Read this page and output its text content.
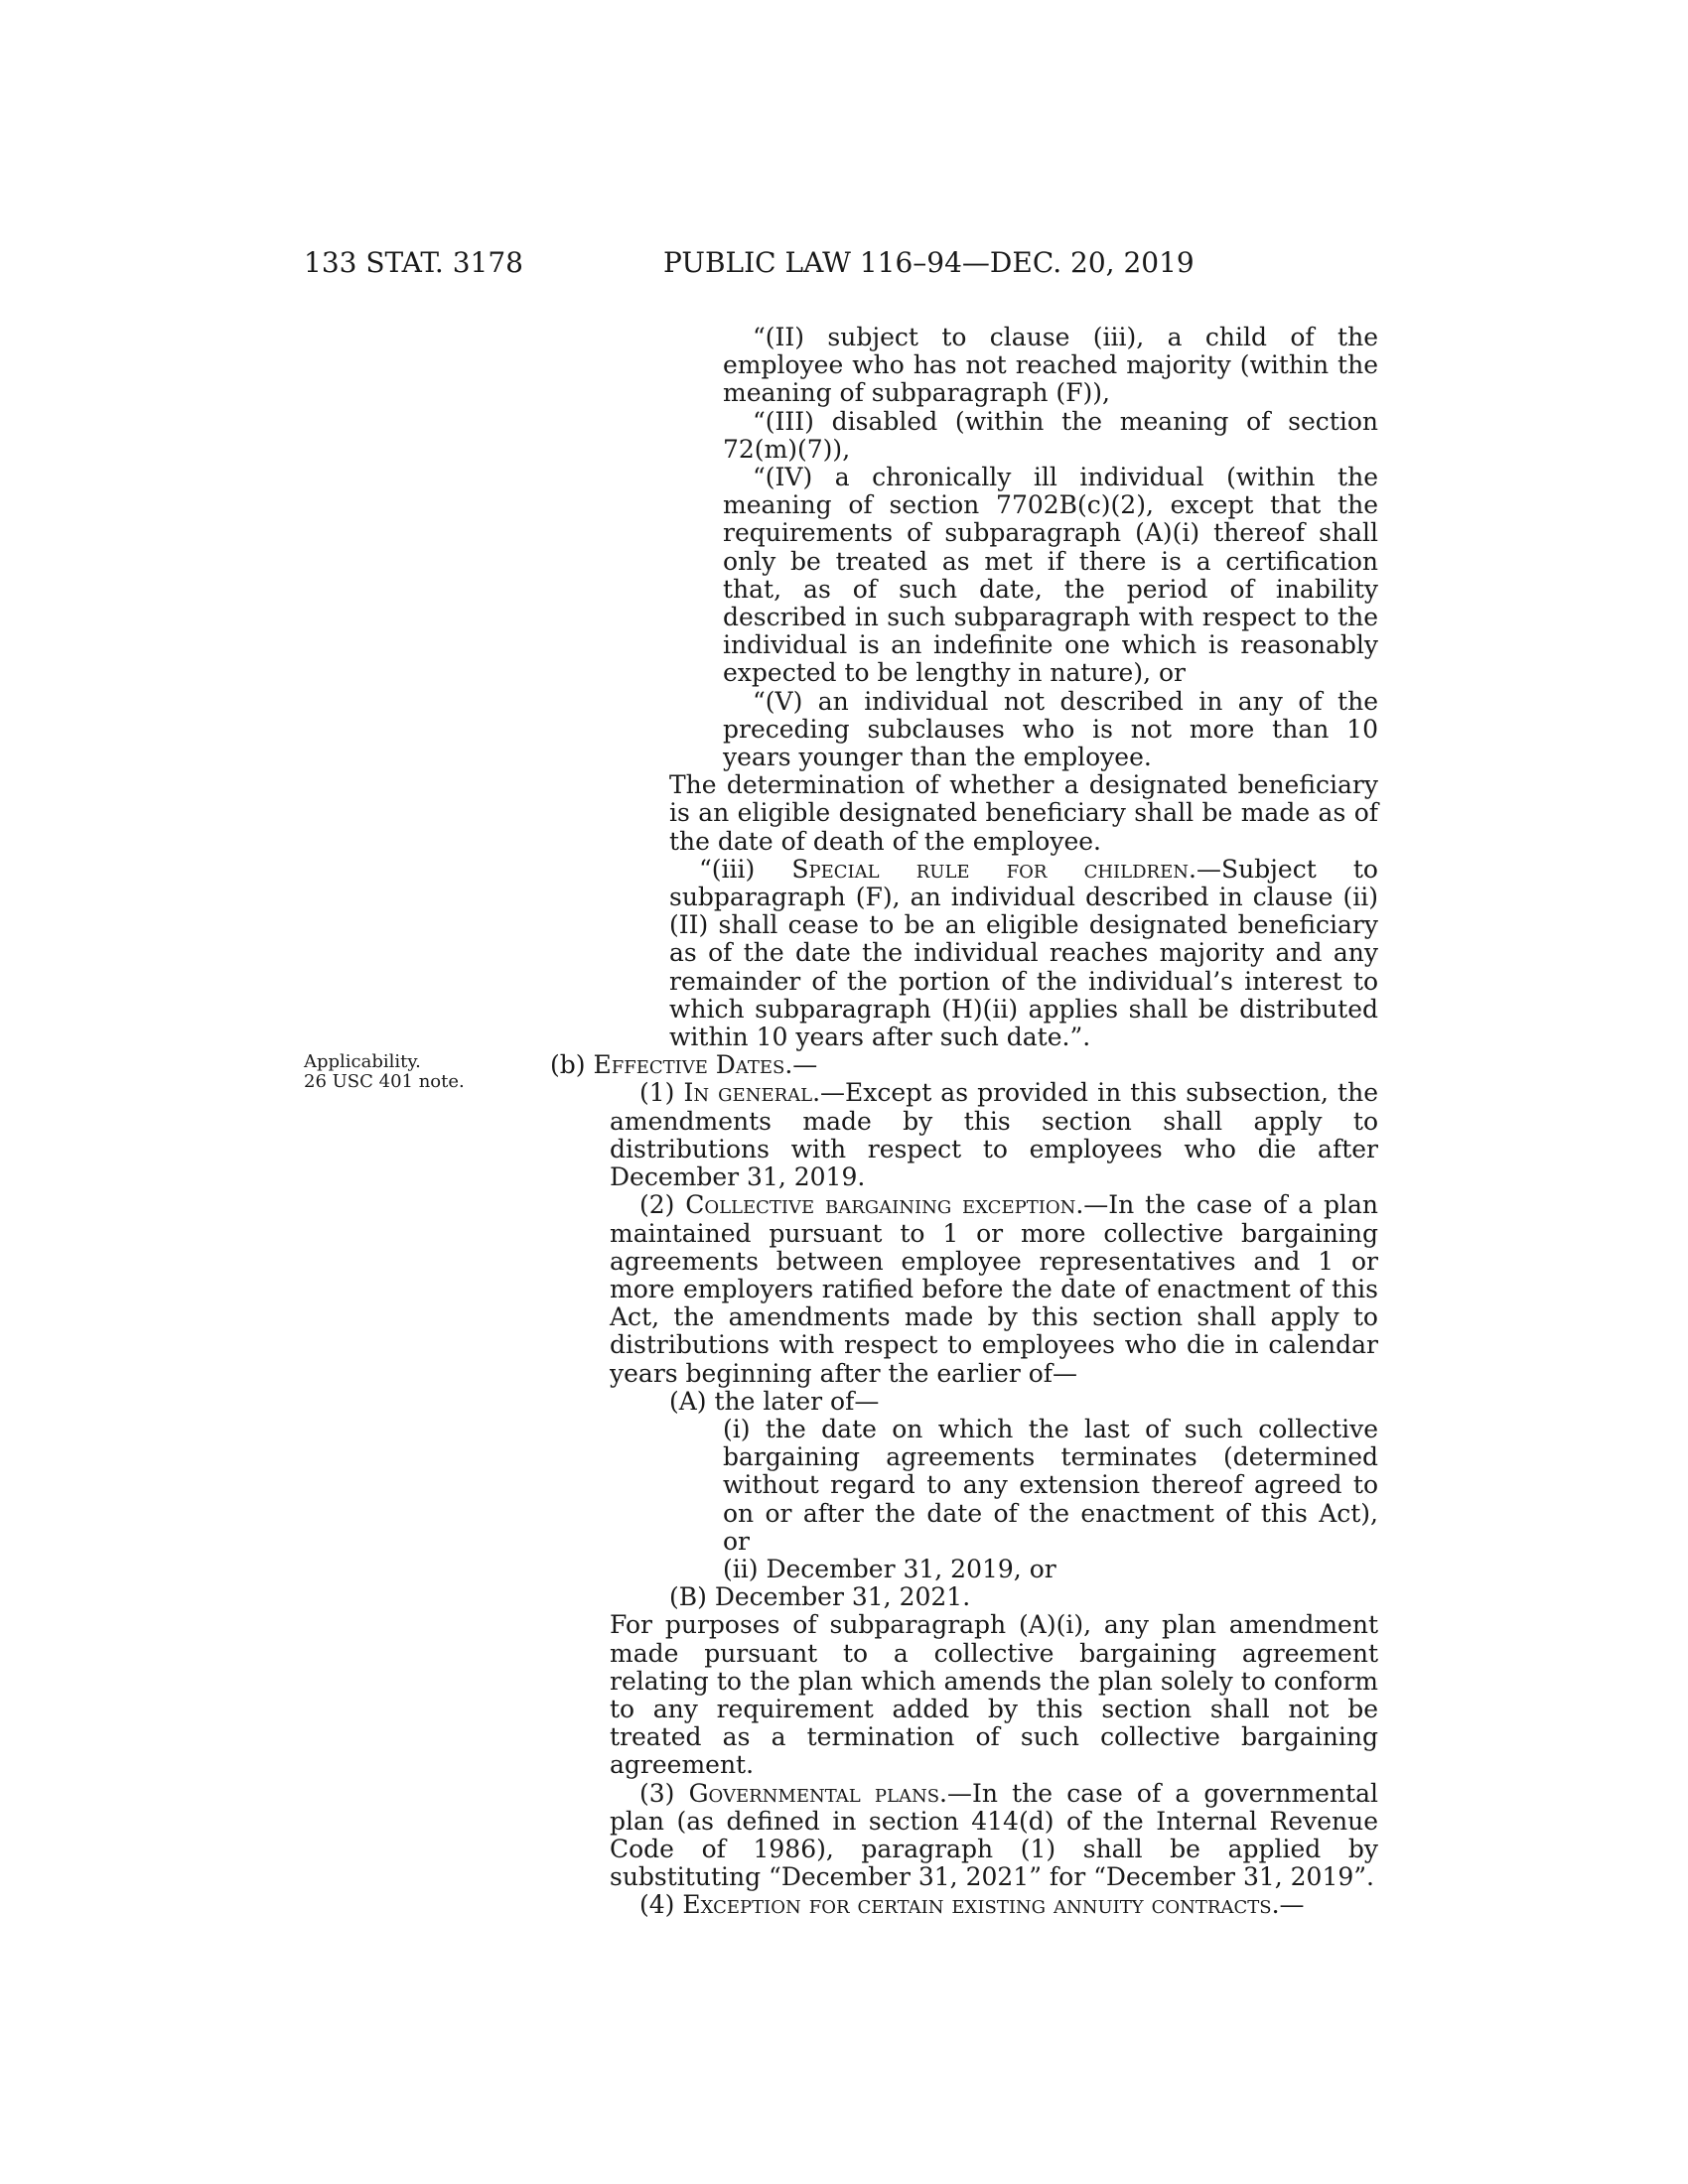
133 STAT. 3178	PUBLIC LAW 116–94—DEC. 20, 2019
Applicability.
26 USC 401 note.

“(II) subject to clause (iii), a child of the employee who has not reached majority (within the meaning of subparagraph (F)),

“(III) disabled (within the meaning of section 72(m)(7)),

“(IV) a chronically ill individual (within the meaning of section 7702B(c)(2), except that the requirements of subparagraph (A)(i) thereof shall only be treated as met if there is a certification that, as of such date, the period of inability described in such subparagraph with respect to the individual is an indefinite one which is reasonably expected to be lengthy in nature), or

“(V) an individual not described in any of the preceding subclauses who is not more than 10 years younger than the employee.

The determination of whether a designated beneficiary is an eligible designated beneficiary shall be made as of the date of death of the employee.

“(iii) Special rule for children.—Subject to subparagraph (F), an individual described in clause (ii)(II) shall cease to be an eligible designated beneficiary as of the date the individual reaches majority and any remainder of the portion of the individual’s interest to which subparagraph (H)(ii) applies shall be distributed within 10 years after such date.”.

(b) Effective Dates.—

(1) In general.—Except as provided in this subsection, the amendments made by this section shall apply to distributions with respect to employees who die after December 31, 2019.

(2) Collective bargaining exception.—In the case of a plan maintained pursuant to 1 or more collective bargaining agreements between employee representatives and 1 or more employers ratified before the date of enactment of this Act, the amendments made by this section shall apply to distributions with respect to employees who die in calendar years beginning after the earlier of—

(A) the later of—

(i) the date on which the last of such collective bargaining agreements terminates (determined without regard to any extension thereof agreed to on or after the date of the enactment of this Act), or

(ii) December 31, 2019, or

(B) December 31, 2021.

For purposes of subparagraph (A)(i), any plan amendment made pursuant to a collective bargaining agreement relating to the plan which amends the plan solely to conform to any requirement added by this section shall not be treated as a termination of such collective bargaining agreement.

(3) Governmental plans.—In the case of a governmental plan (as defined in section 414(d) of the Internal Revenue Code of 1986), paragraph (1) shall be applied by substituting “December 31, 2021” for “December 31, 2019”.

(4) Exception for certain existing annuity contracts.—
